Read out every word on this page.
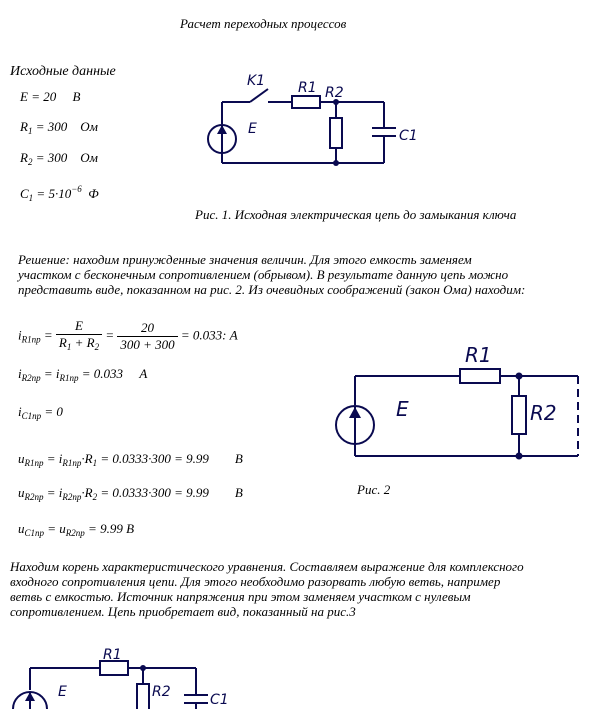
Расчет переходных процессов
Исходные данные
E = 20 В
$R_1 = 300$ Ом
$R_2 = 300$ Ом
$C_1 = 5\cdot 10^{-6}$ Ф
K1 R1 R2
E	C1
R1
R2
E
R1
R2
E	C1
Рис. 1. Исходная электрическая цепь до замыкания ключа
Решение: находим принужденные значения величин. Для этого емкость заменяем
участком с бесконечным сопротивлением (обрывом). В результате данную цепь можно
представить виде, показанном на рис. 2. Из очевидных соображений (закон Ома) находим:
$i_{R1пр} = \frac{E}{R_1 + R_2} = \frac{20}{300 + 300} = 0.033$: A
$i_{R2пр} = i_{R1пр} = 0.033$ A
$i_{C1пр} = 0$
$u_{R1пр} = i_{R1пр}\cdot R_1 = 0.0333\cdot 300 = 9.99$ В
$u_{R2пр} = i_{R2пр}\cdot R_2 = 0.0333\cdot 300 = 9.99$ В
$u_{C1пр} = u_{R2пр} = 9.99$ В
Рис. 2
Находим корень характеристического уравнения. Составляем выражение для комплексного
входного сопротивления цепи. Для этого необходимо разорвать любую ветвь, например
ветвь с емкостью. Источник напряжения при этом заменяем участком с нулевым
сопротивлением. Цепь приобретает вид, показанный на рис.3
